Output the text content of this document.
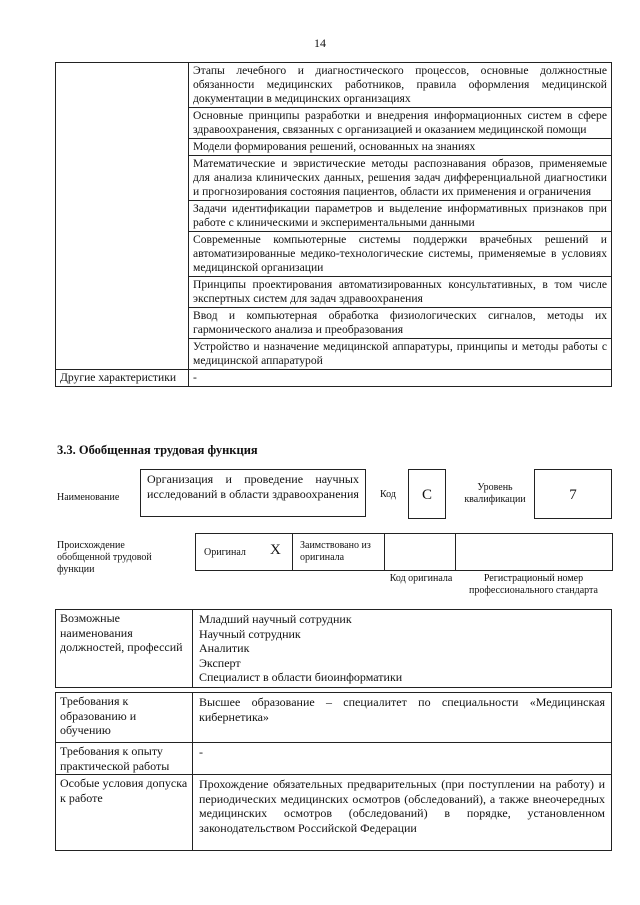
14
	Этапы лечебного и диагностического процессов, основные должностные обязанности медицинских работников, правила оформления медицинской документации в медицинских организациях
	Основные принципы разработки и внедрения информационных систем в сфере здравоохранения, связанных с организацией и оказанием медицинской помощи
	Модели формирования решений, основанных на знаниях
	Математические и эвристические методы распознавания образов, применяемые для анализа клинических данных, решения задач дифференциальной диагностики и прогнозирования состояния пациентов, области их применения и ограничения
	Задачи идентификации параметров и выделение информативных признаков при работе с клиническими и экспериментальными данными
	Современные компьютерные системы поддержки врачебных решений и автоматизированные медико-технологические системы, применяемые в условиях медицинской организации
	Принципы проектирования автоматизированных консультативных, в том числе экспертных систем для задач здравоохранения
	Ввод и компьютерная обработка физиологических сигналов, методы их гармонического анализа и преобразования
	Устройство и назначение медицинской аппаратуры, принципы и методы работы с медицинской аппаратурой
Другие характеристики	-
3.3. Обобщенная трудовая функция
Наименование
Организация и проведение научных исследований в области здравоохранения	Код	C	Уровень квалификации	7
Происхождение обобщенной трудовой функции
Оригинал X Заимствовано из оригинала
Код оригинала	Регистрационый номер профессионального стандарта
Возможные наименования должностей, профессий	
Младший научный сотрудник
Научный сотрудник
Аналитик
Эксперт
Специалист в области биоинформатики
Требования к образованию и обучению	Высшее образование – специалитет по специальности «Медицинская кибернетика»
Требования к опыту практической работы	-
Особые условия допуска к работе	Прохождение обязательных предварительных (при поступлении на работу) и периодических медицинских осмотров (обследований), а также внеочередных медицинских осмотров (обследований) в порядке, установленном законодательством Российской Федерации
